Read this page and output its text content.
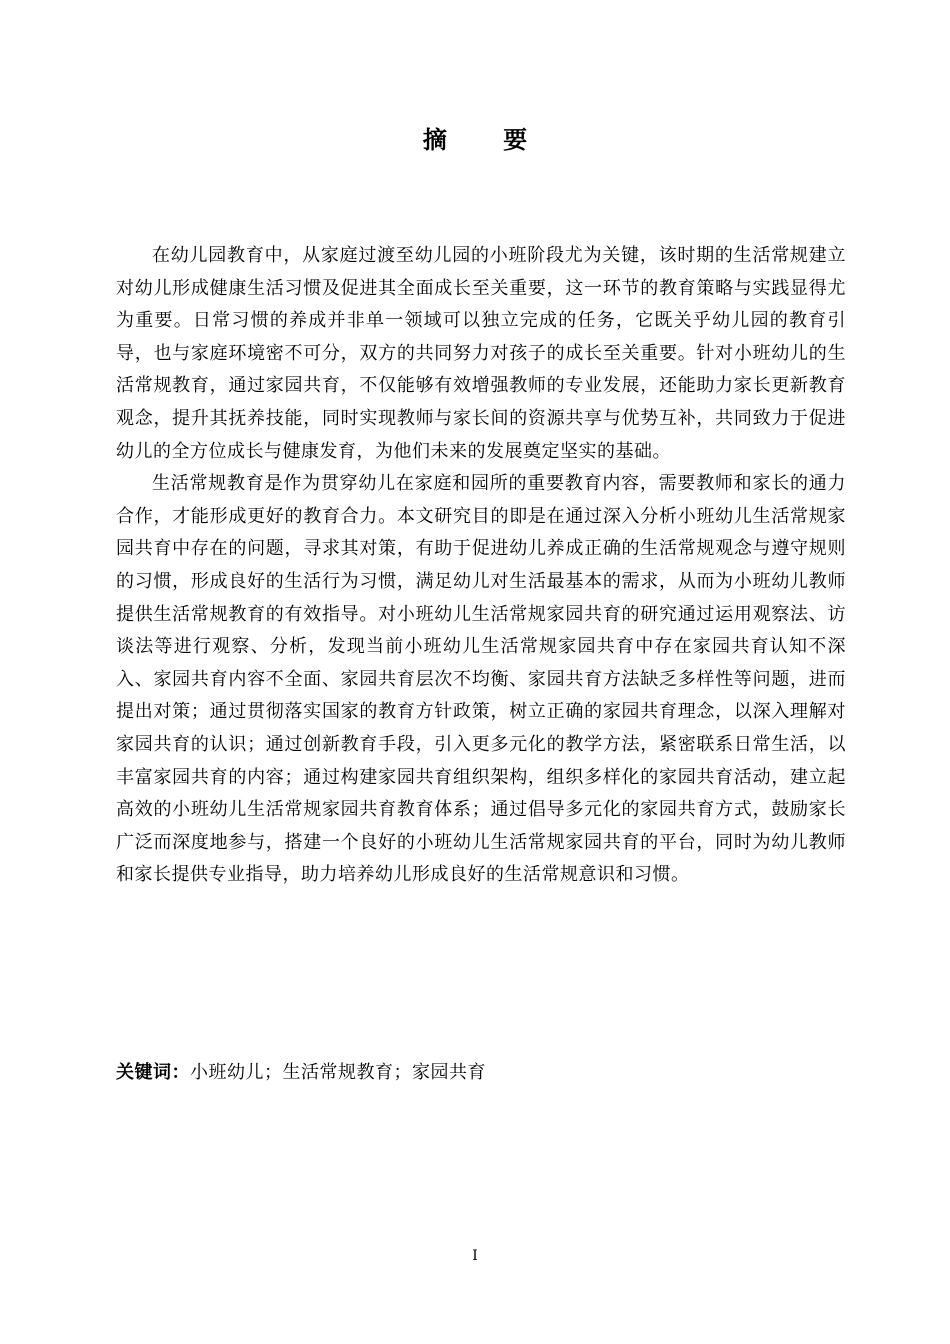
摘 要

在幼儿园教育中，从家庭过渡至幼儿园的小班阶段尤为关键，该时期的生活常规建立对幼儿形成健康生活习惯及促进其全面成长至关重要，这一环节的教育策略与实践显得尤为重要。日常习惯的养成并非单一领域可以独立完成的任务，它既关乎幼儿园的教育引导，也与家庭环境密不可分，双方的共同努力对孩子的成长至关重要。针对小班幼儿的生活常规教育，通过家园共育，不仅能够有效增强教师的专业发展，还能助力家长更新教育观念，提升其抚养技能，同时实现教师与家长间的资源共享与优势互补，共同致力于促进幼儿的全方位成长与健康发育，为他们未来的发展奠定坚实的基础。

生活常规教育是作为贯穿幼儿在家庭和园所的重要教育内容，需要教师和家长的通力合作，才能形成更好的教育合力。本文研究目的即是在通过深入分析小班幼儿生活常规家园共育中存在的问题，寻求其对策，有助于促进幼儿养成正确的生活常规观念与遵守规则的习惯，形成良好的生活行为习惯，满足幼儿对生活最基本的需求，从而为小班幼儿教师提供生活常规教育的有效指导。对小班幼儿生活常规家园共育的研究通过运用观察法、访谈法等进行观察、分析，发现当前小班幼儿生活常规家园共育中存在家园共育认知不深入、家园共育内容不全面、家园共育层次不均衡、家园共育方法缺乏多样性等问题，进而提出对策；通过贯彻落实国家的教育方针政策，树立正确的家园共育理念，以深入理解对家园共育的认识；通过创新教育手段，引入更多元化的教学方法，紧密联系日常生活，以丰富家园共育的内容；通过构建家园共育组织架构，组织多样化的家园共育活动，建立起高效的小班幼儿生活常规家园共育教育体系；通过倡导多元化的家园共育方式，鼓励家长广泛而深度地参与，搭建一个良好的小班幼儿生活常规家园共育的平台，同时为幼儿教师和家长提供专业指导，助力培养幼儿形成良好的生活常规意识和习惯。

关键词：小班幼儿；生活常规教育；家园共育
I
